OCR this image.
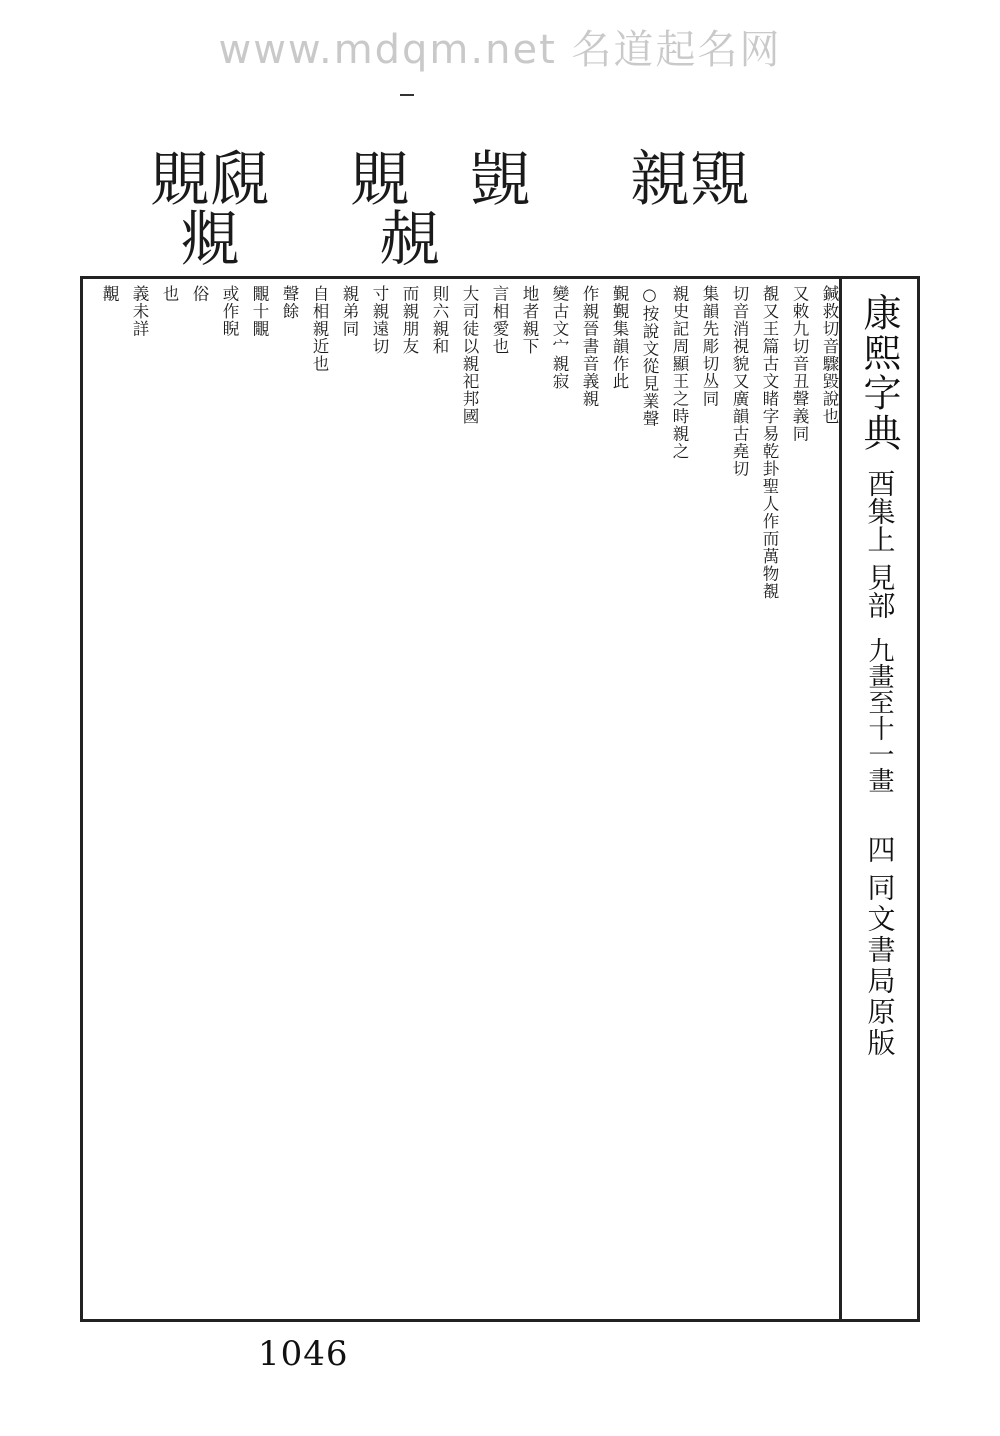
www.mdqm.net 名道起名网
親 覭
覬
覞
覛
覞
覜 䚂
鍼救切音驟毀說也
又敕九切音丑聲義同
覩又王篇古文睹字易乾卦聖人作而萬物覩
切音消視貌又廣韻古堯切
集韻先彫切丛同
親史記周顯王之時親之
○按說文從見業聲
覲覲集韻作此
作親晉書音義親
變古文宀親寂
地者親下
言相愛也
大司徒以親祀邦國
則六親和
而親朋友
寸親遠切
親弟同
自相親近也
聲餘
覵十覵
或作睨
俗
也
義未詳
覯	康熙字典
酉集上
見部
九畫至十一畫
四
同文書局原版
1046
